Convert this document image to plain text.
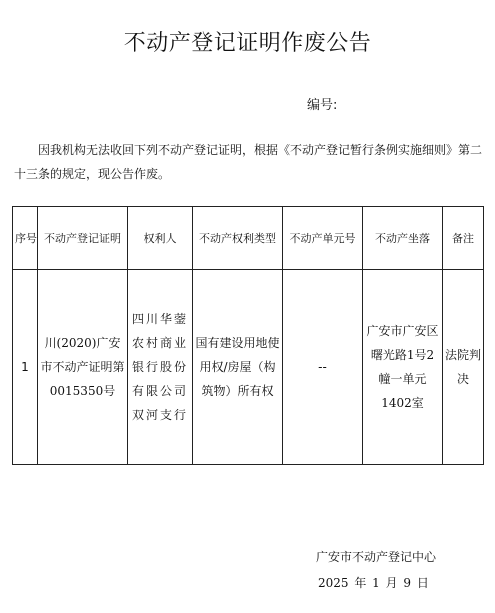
不动产登记证明作废公告
编号:
因我机构无法收回下列不动产登记证明，根据《不动产登记暂行条例实施细则》第二十三条的规定，现公告作废。
序号	不动产登记证明	权利人	不动产权利类型	不动产单元号	不动产坐落	备注
1	川(2020)广安市不动产证明第0015350号	四川华蓥农村商业银行股份有限公司双河支行	国有建设用地使用权/房屋（构筑物）所有权	--	广安市广安区曙光路1号2幢一单元1402室	法院判决
广安市不动产登记中心
2025 年 1 月 9 日
